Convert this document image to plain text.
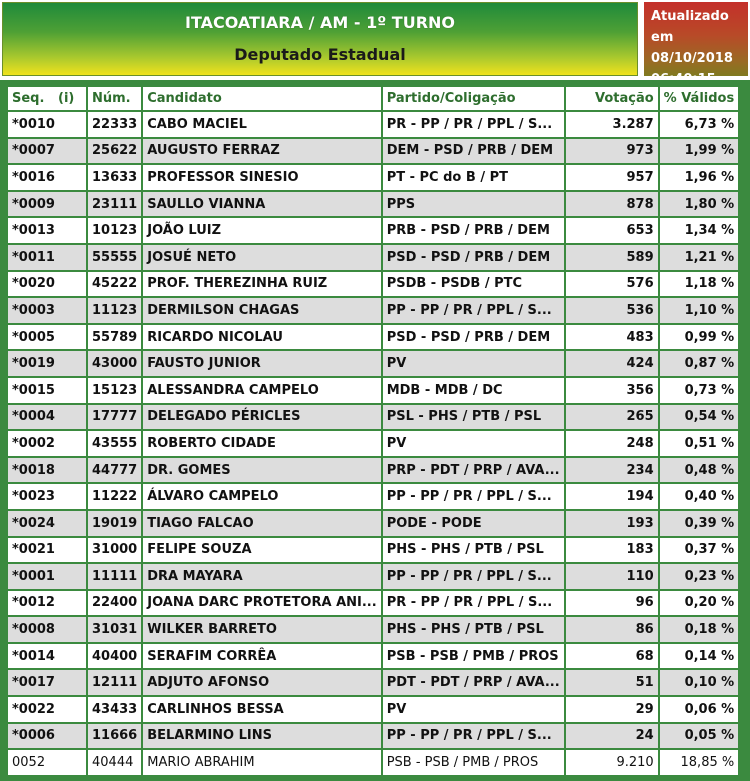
ITACOATIARA / AM - 1º TURNO
Deputado Estadual
Atualizado em
08/10/2018
Seq. (i)	Núm.	Candidato	Partido/Coligação	Votação	% Válidos
*0010	22333	CABO MACIEL	PR - PP / PR / PPL / S...	3.287	6,73 %
*0007	25622	AUGUSTO FERRAZ	DEM - PSD / PRB / DEM	973	1,99 %
*0016	13633	PROFESSOR SINESIO	PT - PC do B / PT	957	1,96 %
*0009	23111	SAULLO VIANNA	PPS	878	1,80 %
*0013	10123	JOÃO LUIZ	PRB - PSD / PRB / DEM	653	1,34 %
*0011	55555	JOSUÉ NETO	PSD - PSD / PRB / DEM	589	1,21 %
*0020	45222	PROF. THEREZINHA RUIZ	PSDB - PSDB / PTC	576	1,18 %
*0003	11123	DERMILSON CHAGAS	PP - PP / PR / PPL / S...	536	1,10 %
*0005	55789	RICARDO NICOLAU	PSD - PSD / PRB / DEM	483	0,99 %
*0019	43000	FAUSTO JUNIOR	PV	424	0,87 %
*0015	15123	ALESSANDRA CAMPELO	MDB - MDB / DC	356	0,73 %
*0004	17777	DELEGADO PÉRICLES	PSL - PHS / PTB / PSL	265	0,54 %
*0002	43555	ROBERTO CIDADE	PV	248	0,51 %
*0018	44777	DR. GOMES	PRP - PDT / PRP / AVA...	234	0,48 %
*0023	11222	ÁLVARO CAMPELO	PP - PP / PR / PPL / S...	194	0,40 %
*0024	19019	TIAGO FALCAO	PODE - PODE	193	0,39 %
*0021	31000	FELIPE SOUZA	PHS - PHS / PTB / PSL	183	0,37 %
*0001	11111	DRA MAYARA	PP - PP / PR / PPL / S...	110	0,23 %
*0012	22400	JOANA DARC PROTETORA ANI...	PR - PP / PR / PPL / S...	96	0,20 %
*0008	31031	WILKER BARRETO	PHS - PHS / PTB / PSL	86	0,18 %
*0014	40400	SERAFIM CORRÊA	PSB - PSB / PMB / PROS	68	0,14 %
*0017	12111	ADJUTO AFONSO	PDT - PDT / PRP / AVA...	51	0,10 %
*0022	43433	CARLINHOS BESSA	PV	29	0,06 %
*0006	11666	BELARMINO LINS	PP - PP / PR / PPL / S...	24	0,05 %
0052	40444	MARIO ABRAHIM	PSB - PSB / PMB / PROS	9.210	18,85 %
